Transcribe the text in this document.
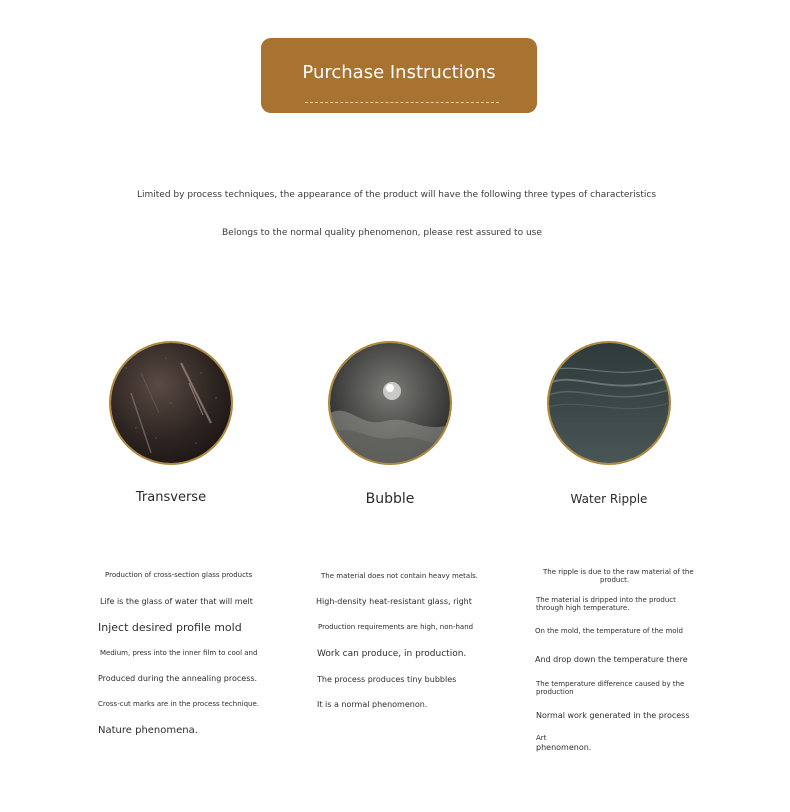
Purchase Instructions
Limited by process techniques, the appearance of the product will have the following three types of characteristics
Belongs to the normal quality phenomenon, please rest assured to use
Transverse	Bubble	Water Ripple
Production of cross-section glass products
Life is the glass of water that will melt
Inject desired profile mold
Medium, press into the inner film to cool and
Produced during the annealing process.
Cross-cut marks are in the process technique.
Nature phenomena.
The material does not contain heavy metals.
High-density heat-resistant glass, right
Production requirements are high, non-hand
Work can produce, in production.
The process produces tiny bubbles
It is a normal phenomenon.
The ripple is due to the raw material of the
product.
The material is dripped into the product
through high temperature.
On the mold, the temperature of the mold
And drop down the temperature there
The temperature difference caused by the
production
Normal work generated in the process
Art
phenomenon.
